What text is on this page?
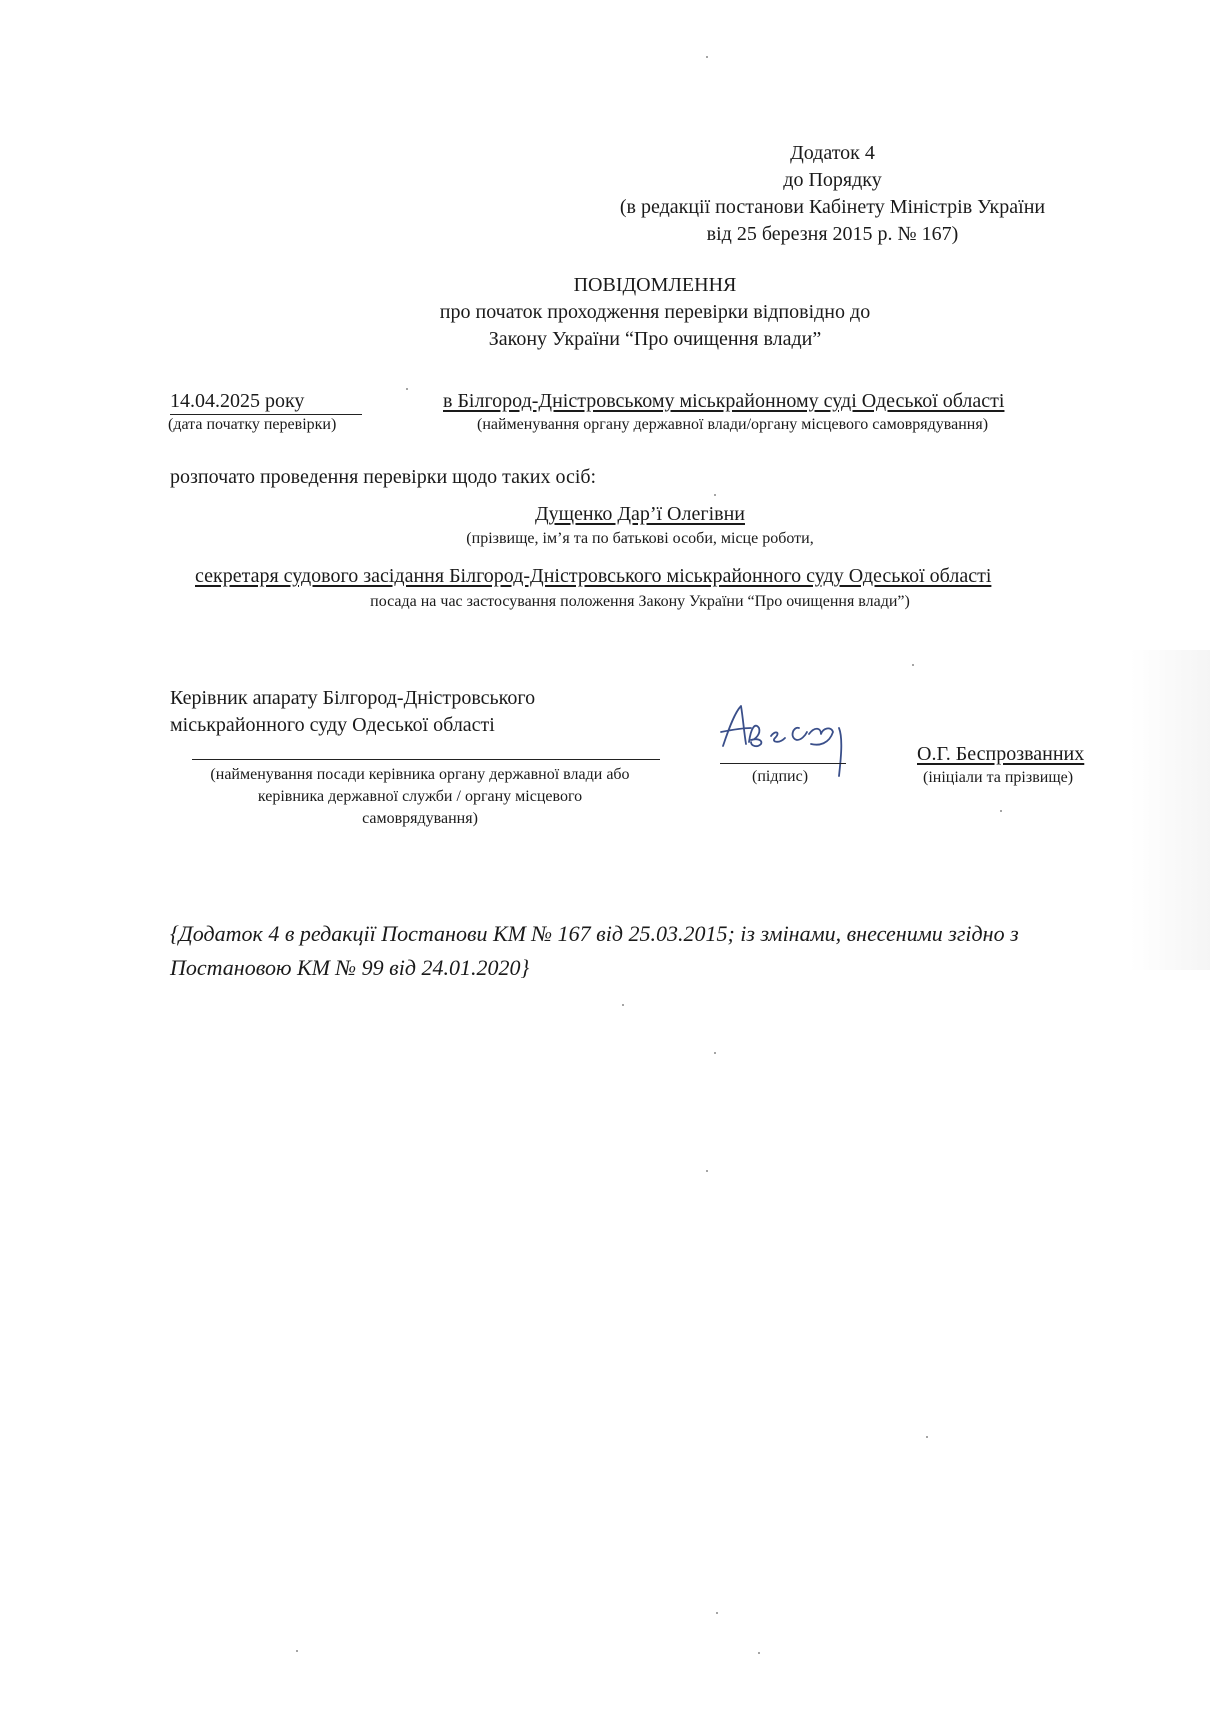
Додаток 4
до Порядку
(в редакції постанови Кабінету Міністрів України
від 25 березня 2015 р. № 167)
ПОВІДОМЛЕННЯ
про початок проходження перевірки відповідно до
Закону України “Про очищення влади”
14.04.2025 року
(дата початку перевірки)
в Білгород-Дністровському міськрайонному суді Одеської області
(найменування органу державної влади/органу місцевого самоврядування)
розпочато проведення перевірки щодо таких осіб:
Дущенко Дар’ї Олегівни
(прізвище, ім’я та по батькові особи, місце роботи,
секретаря судового засідання Білгород-Дністровського міськрайонного суду Одеської області
посада на час застосування положення Закону України “Про очищення влади”)
Керівник апарату Білгород-Дністровського
міськрайонного суду Одеської області
(найменування посади керівника органу державної влади або
керівника державної служби / органу місцевого
самоврядування)
(підпис)
О.Г. Беспрозванних
(ініціали та прізвище)
{Додаток 4 в редакції Постанови КМ № 167 від 25.03.2015; із змінами, внесеними згідно з Постановою КМ № 99 від 24.01.2020}
